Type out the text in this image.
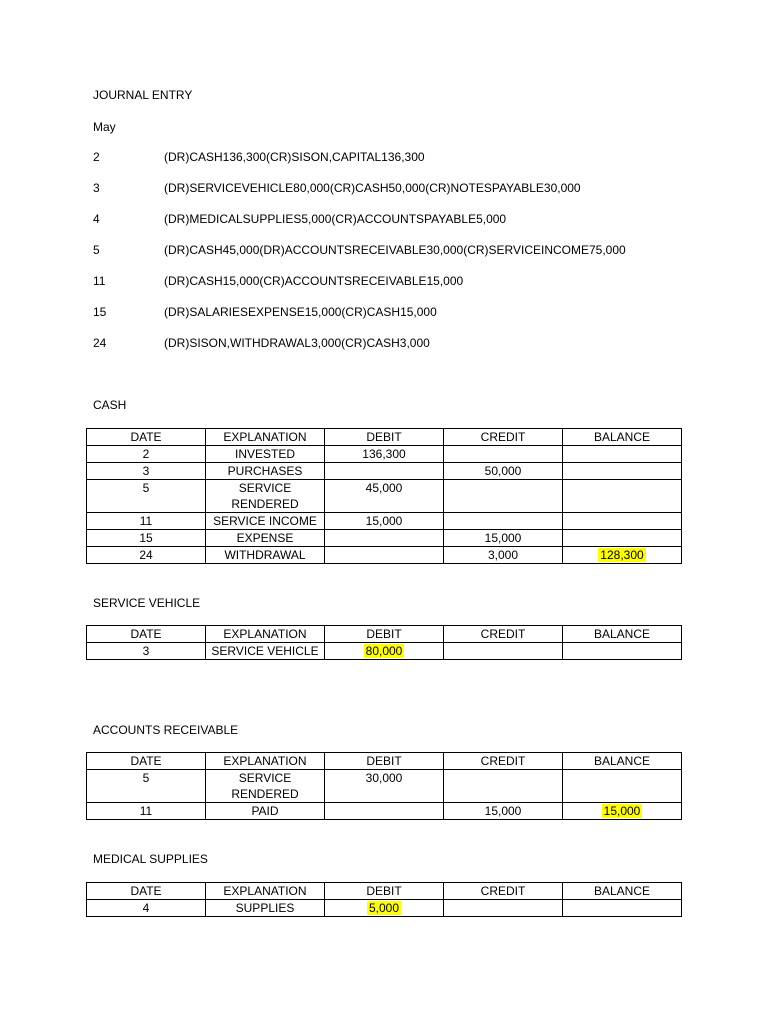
JOURNAL ENTRY
May
2	(DR)CASH136,300(CR)SISON,CAPITAL136,300
3	(DR)SERVICEVEHICLE80,000(CR)CASH50,000(CR)NOTESPAYABLE30,000
4	(DR)MEDICALSUPPLIES5,000(CR)ACCOUNTSPAYABLE5,000
5	(DR)CASH45,000(DR)ACCOUNTSRECEIVABLE30,000(CR)SERVICEINCOME75,000
11	(DR)CASH15,000(CR)ACCOUNTSRECEIVABLE15,000
15	(DR)SALARIESEXPENSE15,000(CR)CASH15,000
24	(DR)SISON,WITHDRAWAL3,000(CR)CASH3,000
CASH
DATE	EXPLANATION	DEBIT	CREDIT	BALANCE
2	INVESTED	136,300		
3	PURCHASES		50,000	
5	SERVICE RENDERED	45,000		
11	SERVICE INCOME	15,000		
15	EXPENSE		15,000	
24	WITHDRAWAL		3,000	128,300
SERVICE VEHICLE
DATE	EXPLANATION	DEBIT	CREDIT	BALANCE
3	SERVICE VEHICLE	80,000		
ACCOUNTS RECEIVABLE
DATE	EXPLANATION	DEBIT	CREDIT	BALANCE
5	SERVICE RENDERED	30,000		
11	PAID		15,000	15,000
MEDICAL SUPPLIES
DATE	EXPLANATION	DEBIT	CREDIT	BALANCE
4	SUPPLIES	5,000		
